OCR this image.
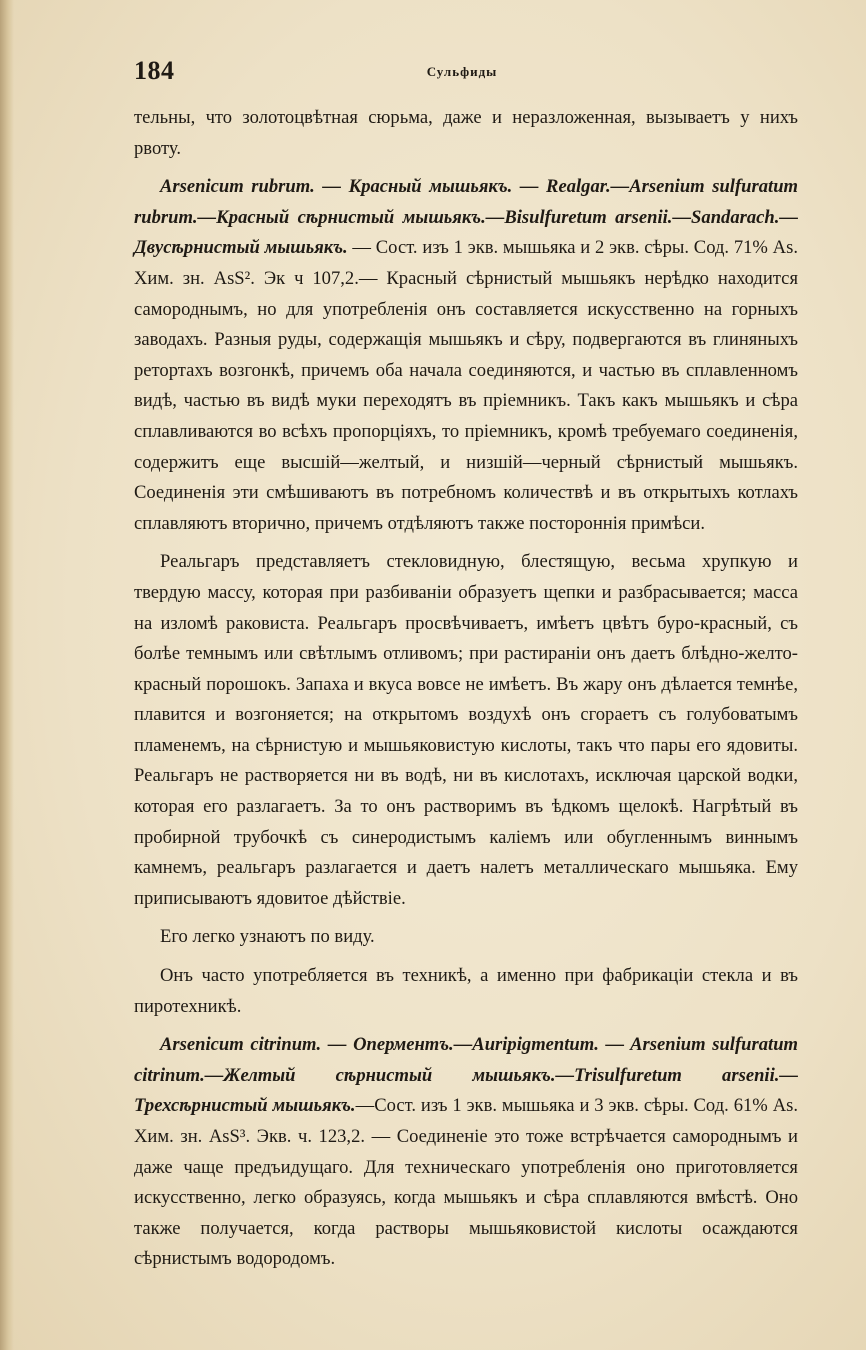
184	Сульфиды

тельны, что золотоцвѣтная сюрьма, даже и неразложенная, вызываетъ у нихъ рвоту.

Arsenicum rubrum. — Красный мышьякъ. — Realgar.—Arsenium sulfuratum rubrum.—Красный сѣрнистый мышьякъ.—Bisulfuretum arsenii.—Sandarach.—Двусѣрнистый мышьякъ. — Сост. изъ 1 экв. мышьяка и 2 экв. сѣры. Сод. 71% As. Хим. зн. AsS². Эк ч 107,2.— Красный сѣрнистый мышьякъ нерѣдко находится самороднымъ, но для употребленія онъ составляется искусственно на горныхъ заводахъ. Разныя руды, содержащія мышьякъ и сѣру, подвергаются въ глиняныхъ ретортахъ возгонкѣ, причемъ оба начала соединяются, и частью въ сплавленномъ видѣ, частью въ видѣ муки переходятъ въ пріемникъ. Такъ какъ мышьякъ и сѣра сплавливаются во всѣхъ пропорціяхъ, то пріемникъ, кромѣ требуемаго соединенія, содержитъ еще высшій—желтый, и низшій—черный сѣрнистый мышьякъ. Соединенія эти смѣшиваютъ въ потребномъ количествѣ и въ открытыхъ котлахъ сплавляютъ вторично, причемъ отдѣляютъ также постороннія примѣси.

Реальгаръ представляетъ стекловидную, блестящую, весьма хрупкую и твердую массу, которая при разбиваніи образуетъ щепки и разбрасывается; масса на изломѣ раковиста. Реальгаръ просвѣчиваетъ, имѣетъ цвѣтъ буро-красный, съ болѣе темнымъ или свѣтлымъ отливомъ; при растираніи онъ даетъ блѣдно-желто-красный порошокъ. Запаха и вкуса вовсе не имѣетъ. Въ жару онъ дѣлается темнѣе, плавится и возгоняется; на открытомъ воздухѣ онъ сгораетъ съ голубоватымъ пламенемъ, на сѣрнистую и мышьяковистую кислоты, такъ что пары его ядовиты. Реальгаръ не растворяется ни въ водѣ, ни въ кислотахъ, исключая царской водки, которая его разлагаетъ. За то онъ растворимъ въ ѣдкомъ щелокѣ. Нагрѣтый въ пробирной трубочкѣ съ синеродистымъ каліемъ или обугленнымъ виннымъ камнемъ, реальгаръ разлагается и даетъ налетъ металлическаго мышьяка. Ему приписываютъ ядовитое дѣйствіе.

Его легко узнаютъ по виду.

Онъ часто употребляется въ техникѣ, а именно при фабрикаціи стекла и въ пиротехникѣ.

Arsenicum citrinum. — Опермeнтъ.—Auripigmentum. — Arsenium sulfuratum citrinum.—Желтый сѣрнистый мышьякъ.—Trisulfuretum arsenii.—Трехсѣрнистый мышьякъ.—Сост. изъ 1 экв. мышьяка и 3 экв. сѣры. Сод. 61% As. Хим. зн. AsS³. Экв. ч. 123,2. — Соединеніе это тоже встрѣчается самороднымъ и даже чаще предъидущаго. Для техническаго употребленія оно приготовляется искусственно, легко образуясь, когда мышьякъ и сѣра сплавляются вмѣстѣ. Оно также получается, когда растворы мышьяковистой кислоты осаждаются сѣрнистымъ водородомъ.
